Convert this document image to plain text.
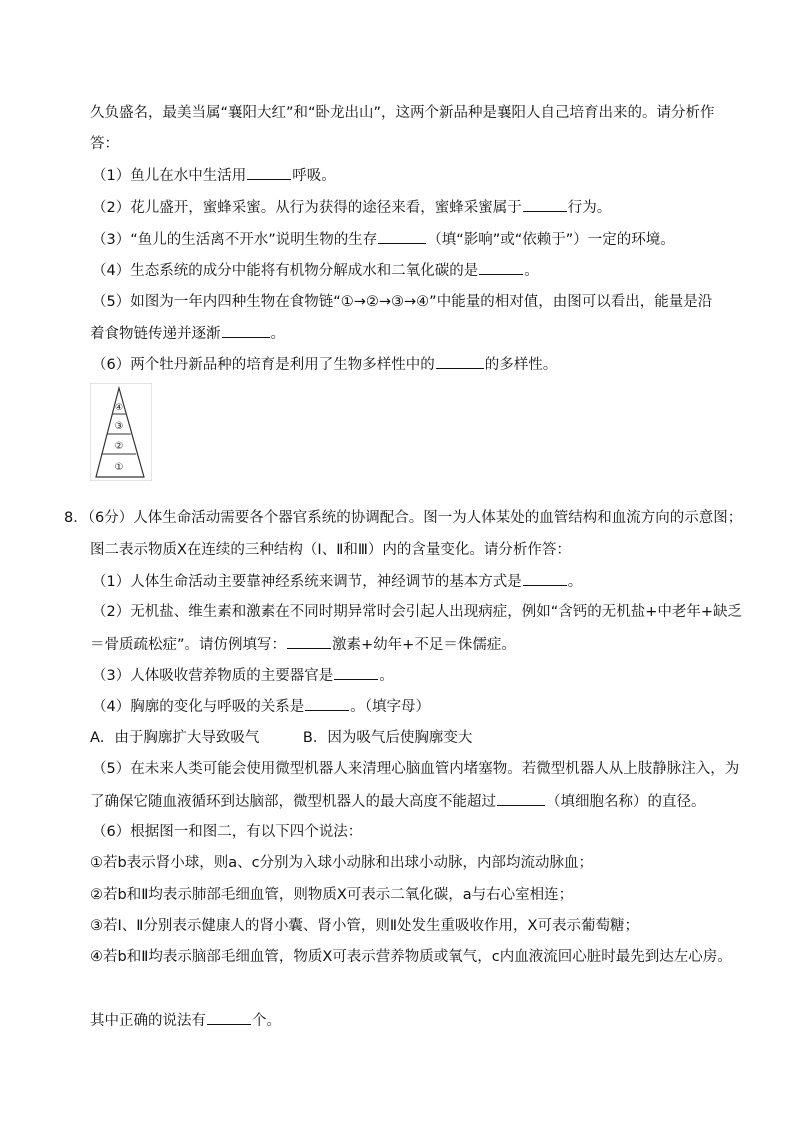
久负盛名，最美当属“襄阳大红”和“卧龙出山”，这两个新品种是襄阳人自己培育出来的。请分析作
答：
（1）鱼儿在水中生活用	呼吸。
（2）花儿盛开，蜜蜂采蜜。从行为获得的途径来看，蜜蜂采蜜属于	行为。
（3）“鱼儿的生活离不开水”说明生物的生存	（填“影响”或“依赖于”）一定的环境。
（4）生态系统的成分中能将有机物分解成水和二氧化碳的是	。
（5）如图为一年内四种生物在食物链“①→②→③→④”中能量的相对值，由图可以看出，能量是沿
着食物链传递并逐渐	。
（6）两个牡丹新品种的培育是利用了生物多样性中的	的多样性。
④
③
②
①
8．（6分）人体生命活动需要各个器官系统的协调配合。图一为人体某处的血管结构和血流方向的示意图；
图二表示物质X在连续的三种结构（Ⅰ、Ⅱ和Ⅲ）内的含量变化。请分析作答：
（1）人体生命活动主要靠神经系统来调节，神经调节的基本方式是	。
（2）无机盐、维生素和激素在不同时期异常时会引起人出现病症，例如“含钙的无机盐+中老年+缺乏
＝骨质疏松症”。请仿例填写：	激素+幼年+不足＝侏儒症。
（3）人体吸收营养物质的主要器官是	。
（4）胸廓的变化与呼吸的关系是	。（填字母）
A．由于胸廓扩大导致吸气　　　B．因为吸气后使胸廓变大
（5）在未来人类可能会使用微型机器人来清理心脑血管内堵塞物。若微型机器人从上肢静脉注入，为
了确保它随血液循环到达脑部，微型机器人的最大高度不能超过	（填细胞名称）的直径。
（6）根据图一和图二，有以下四个说法：
①若b表示肾小球，则a、c分别为入球小动脉和出球小动脉，内部均流动脉血；
②若b和Ⅱ均表示肺部毛细血管，则物质X可表示二氧化碳，a与右心室相连；
③若Ⅰ、Ⅱ分别表示健康人的肾小囊、肾小管，则Ⅱ处发生重吸收作用，X可表示葡萄糖；
④若b和Ⅱ均表示脑部毛细血管，物质X可表示营养物质或氧气，c内血液流回心脏时最先到达左心房。
其中正确的说法有	个。
